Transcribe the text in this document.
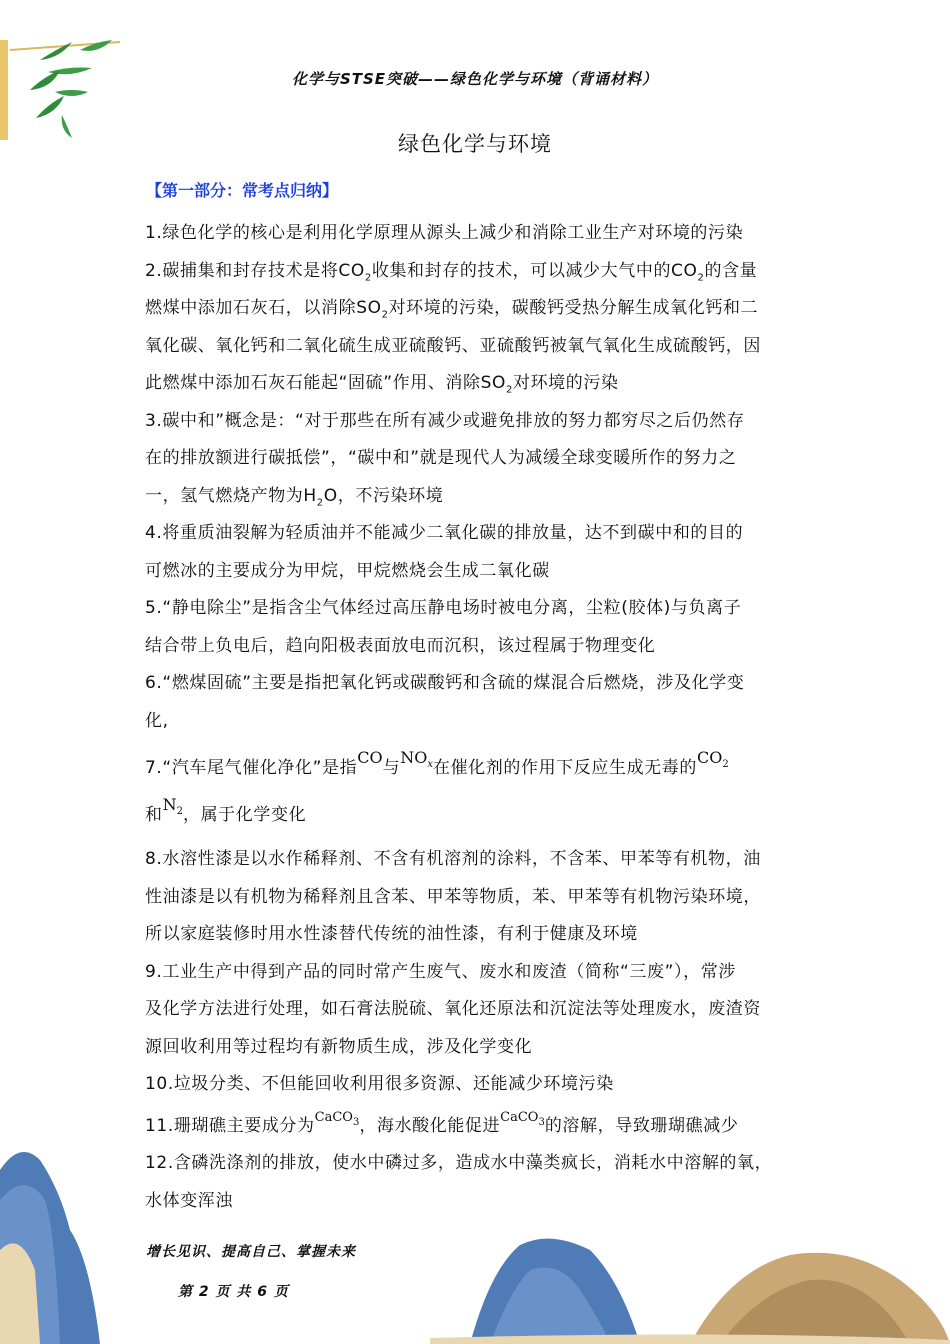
化学与STSE突破——绿色化学与环境（背诵材料）
绿色化学与环境
【第一部分：常考点归纳】
1.绿色化学的核心是利用化学原理从源头上减少和消除工业生产对环境的污染
2.碳捕集和封存技术是将$CO_2$收集和封存的技术，可以减少大气中的$CO_2$的含量
燃煤中添加石灰石，以消除$SO_2$对环境的污染，碳酸钙受热分解生成氧化钙和二
氧化碳、氧化钙和二氧化硫生成亚硫酸钙、亚硫酸钙被氧气氧化生成硫酸钙，因
此燃煤中添加石灰石能起“固硫”作用、消除$SO_2$对环境的污染
3.碳中和”概念是：“对于那些在所有减少或避免排放的努力都穷尽之后仍然存
在的排放额进行碳抵偿”，“碳中和”就是现代人为减缓全球变暖所作的努力之
一，氢气燃烧产物为$H_2O$，不污染环境
4.将重质油裂解为轻质油并不能减少二氧化碳的排放量，达不到碳中和的目的
可燃冰的主要成分为甲烷，甲烷燃烧会生成二氧化碳
5.“静电除尘”是指含尘气体经过高压静电场时被电分离，尘粒(胶体)与负离子
结合带上负电后，趋向阳极表面放电而沉积，该过程属于物理变化
6.“燃煤固硫”主要是指把氧化钙或碳酸钙和含硫的煤混合后燃烧，涉及化学变
化,
7.“汽车尾气催化净化”是指CO与$NO_x$在催化剂的作用下反应生成无毒的$CO_2$
和$N_2$，属于化学变化
8.水溶性漆是以水作稀释剂、不含有机溶剂的涂料，不含苯、甲苯等有机物，油
性油漆是以有机物为稀释剂且含苯、甲苯等物质，苯、甲苯等有机物污染环境，
所以家庭装修时用水性漆替代传统的油性漆，有利于健康及环境
9.工业生产中得到产品的同时常产生废气、废水和废渣（简称“三废”），常涉
及化学方法进行处理，如石膏法脱硫、氧化还原法和沉淀法等处理废水，废渣资
源回收利用等过程均有新物质生成，涉及化学变化
10.垃圾分类、不但能回收利用很多资源、还能减少环境污染
11.珊瑚礁主要成分为$^{CaCO_3}$，海水酸化能促进$^{CaCO_3}$的溶解，导致珊瑚礁减少
12.含磷洗涤剂的排放，使水中磷过多，造成水中藻类疯长，消耗水中溶解的氧，
水体变浑浊
增长见识、提高自己、掌握未来
第 2 页 共 6 页
